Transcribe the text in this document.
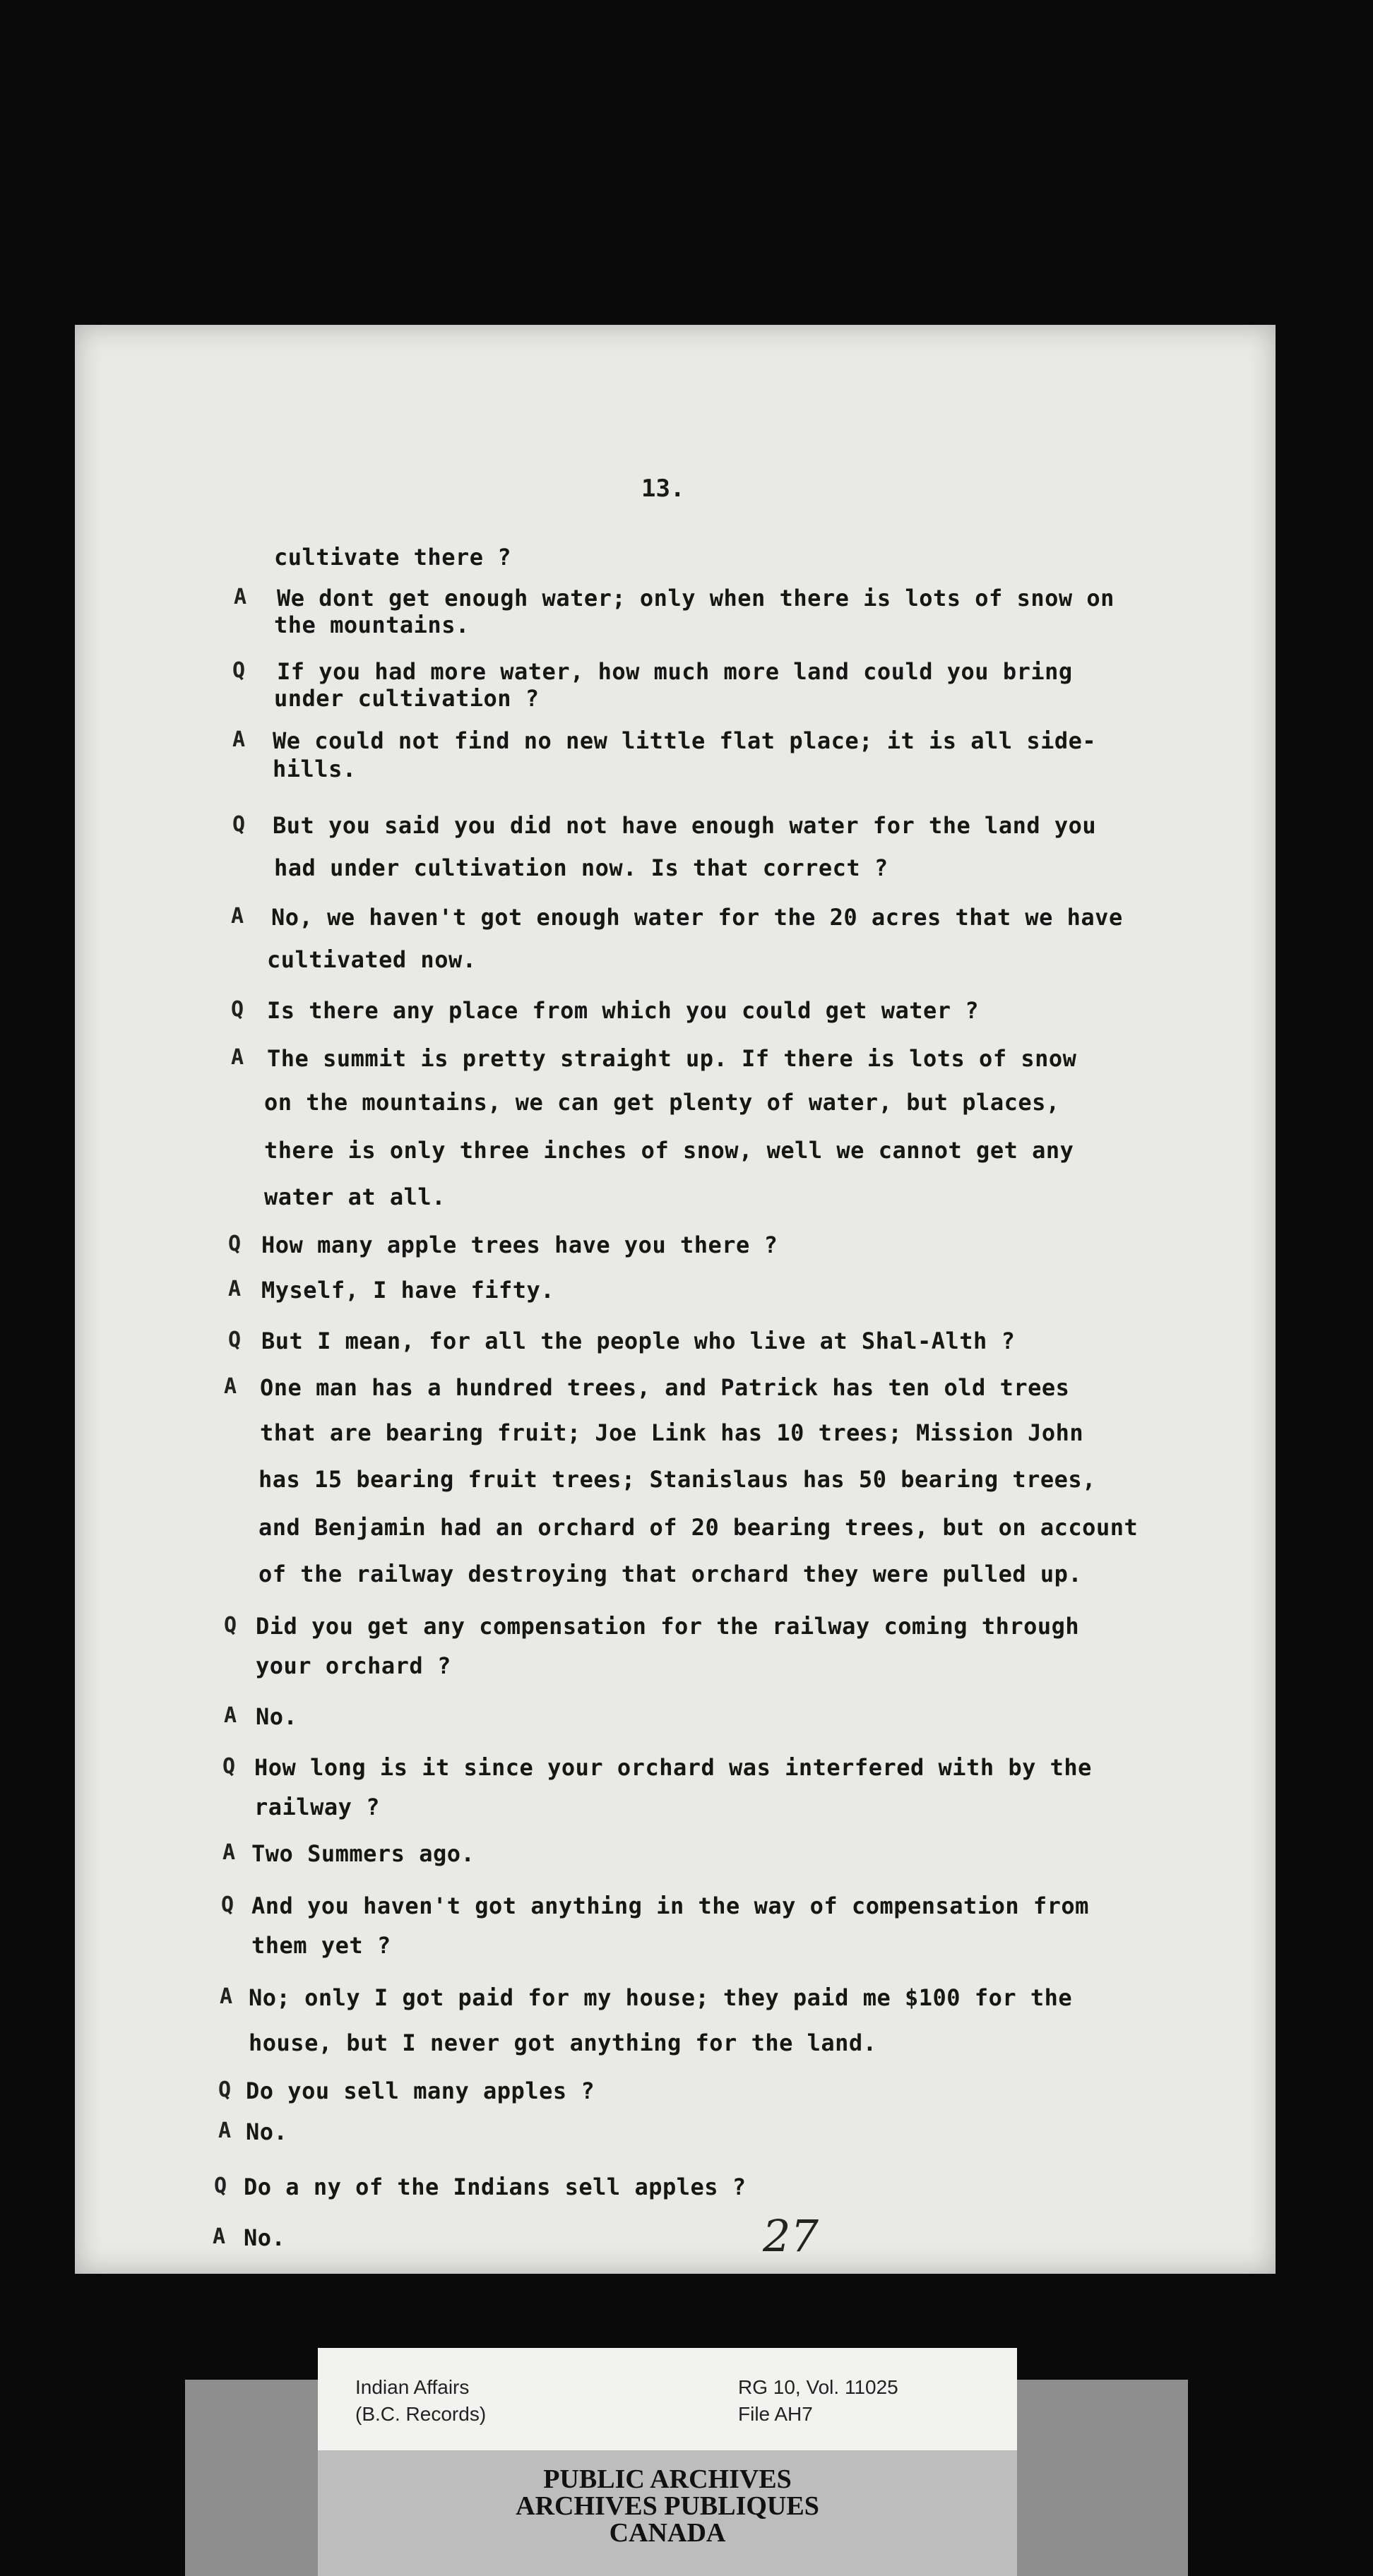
13.
cultivate there ?
A	We dont get enough water; only when there is lots of snow on
the mountains.
Q	If you had more water, how much more land could you bring
under cultivation ?
A	We could not find no new little flat place; it is all side-
hills.
Q	But you said you did not have enough water for the land you
had under cultivation now. Is that correct ?
A	No, we haven't got enough water for the 20 acres that we have
cultivated now.
Q	Is there any place from which you could get water ?
A	The summit is pretty straight up. If there is lots of snow
on the mountains, we can get plenty of water, but places,
there is only three inches of snow, well we cannot get any
water at all.
Q How many apple trees have you there ?
A Myself, I have fifty.
Q But I mean, for all the people who live at Shal-Alth ?
A	One man has a hundred trees, and Patrick has ten old trees
that are bearing fruit; Joe Link has 10 trees; Mission John
has 15 bearing fruit trees; Stanislaus has 50 bearing trees,
and Benjamin had an orchard of 20 bearing trees, but on account
of the railway destroying that orchard they were pulled up.
Q Did you get any compensation for the railway coming through
your orchard ?
A No.
Q How long is it since your orchard was interfered with by the
railway ?
A Two Summers ago.
Q And you haven't got anything in the way of compensation from
them yet ?
A No; only I got paid for my house; they paid me $100 for the
house, but I never got anything for the land.
Q Do you sell many apples ?
A No.
Q Do a ny of the Indians sell apples ?
A No.	27
Indian Affairs
(B.C. Records)
RG 10, Vol. 11025
File AH7
PUBLIC ARCHIVES
ARCHIVES PUBLIQUES
CANADA
